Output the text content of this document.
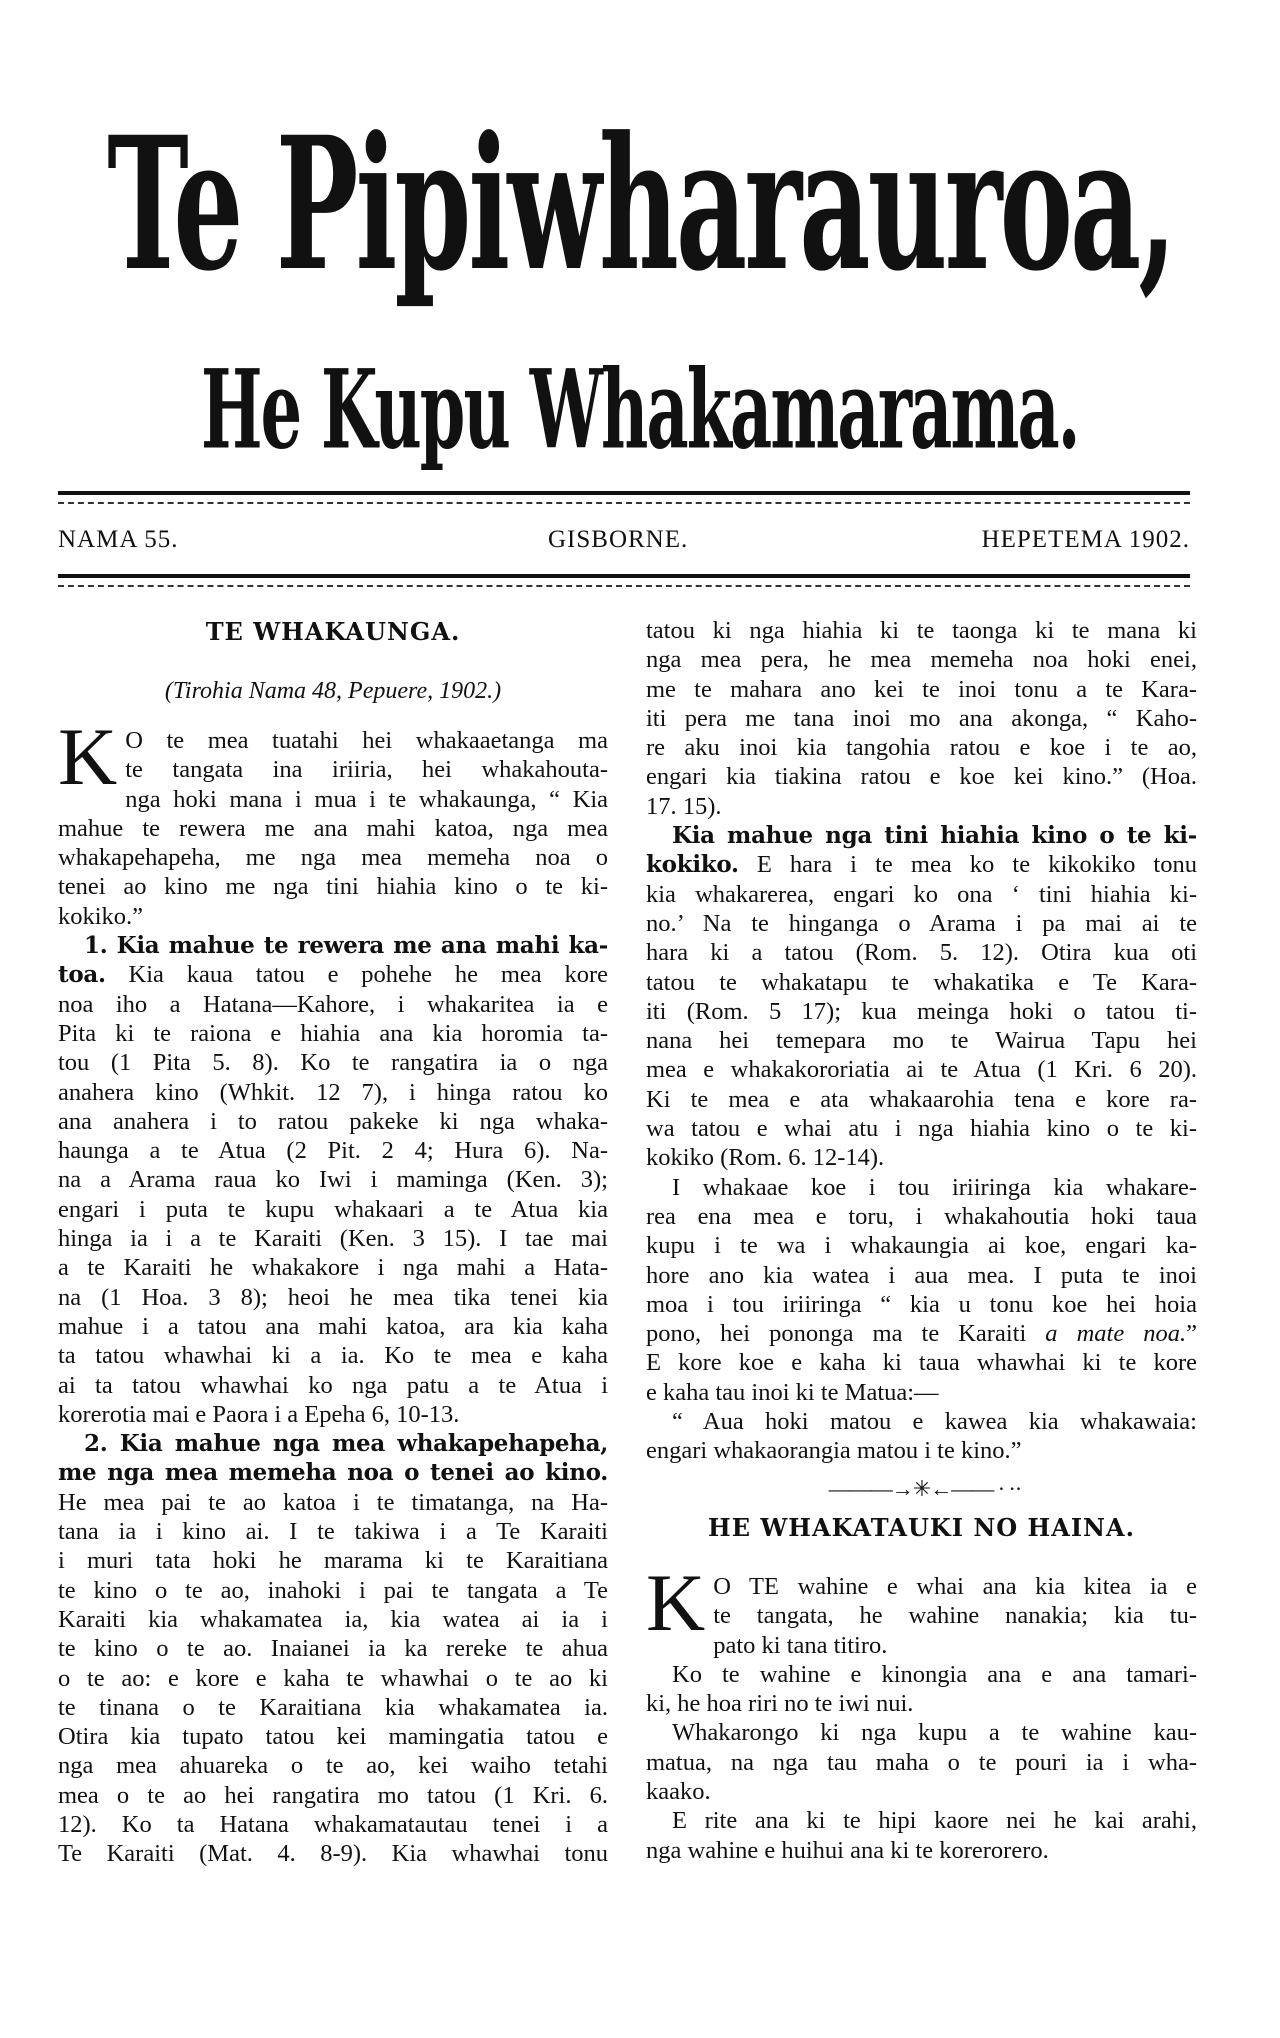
Te Pipiwharauroa,
He Kupu Whakamarama.
NAMA 55.	GISBORNE.	HEPETEMA 1902.
TE WHAKAUNGA.
(Tirohia Nama 48, Pepuere, 1902.)
K O te mea tuatahi hei whakaaetanga ma
te tangata ina iriiria, hei whakahouta-
nga hoki mana i mua i te whakaunga, “ Kia
mahue te rewera me ana mahi katoa, nga mea
whakapehapeha, me nga mea memeha noa o
tenei ao kino me nga tini hiahia kino o te ki-
kokiko.”
1. Kia mahue te rewera me ana mahi ka-
toa. Kia kaua tatou e pohehe he mea kore
noa iho a Hatana—Kahore, i whakaritea ia e
Pita ki te raiona e hiahia ana kia horomia ta-
tou (1 Pita 5. 8). Ko te rangatira ia o nga
anahera kino (Whkit. 12 7), i hinga ratou ko
ana anahera i to ratou pakeke ki nga whaka-
haunga a te Atua (2 Pit. 2 4; Hura 6). Na-
na a Arama raua ko Iwi i maminga (Ken. 3);
engari i puta te kupu whakaari a te Atua kia
hinga ia i a te Karaiti (Ken. 3 15). I tae mai
a te Karaiti he whakakore i nga mahi a Hata-
na (1 Hoa. 3 8); heoi he mea tika tenei kia
mahue i a tatou ana mahi katoa, ara kia kaha
ta tatou whawhai ki a ia. Ko te mea e kaha
ai ta tatou whawhai ko nga patu a te Atua i
korerotia mai e Paora i a Epeha 6, 10-13.
2. Kia mahue nga mea whakapehapeha,
me nga mea memeha noa o tenei ao kino.
He mea pai te ao katoa i te timatanga, na Ha-
tana ia i kino ai. I te takiwa i a Te Karaiti
i muri tata hoki he marama ki te Karaitiana
te kino o te ao, inahoki i pai te tangata a Te
Karaiti kia whakamatea ia, kia watea ai ia i
te kino o te ao. Inaianei ia ka rereke te ahua
o te ao: e kore e kaha te whawhai o te ao ki
te tinana o te Karaitiana kia whakamatea ia.
Otira kia tupato tatou kei mamingatia tatou e
nga mea ahuareka o te ao, kei waiho tetahi
mea o te ao hei rangatira mo tatou (1 Kri. 6.
12). Ko ta Hatana whakamatautau tenei i a
Te Karaiti (Mat. 4. 8-9). Kia whawhai tonu
tatou ki nga hiahia ki te taonga ki te mana ki
nga mea pera, he mea memeha noa hoki enei,
me te mahara ano kei te inoi tonu a te Kara-
iti pera me tana inoi mo ana akonga, “ Kaho-
re aku inoi kia tangohia ratou e koe i te ao,
engari kia tiakina ratou e koe kei kino.” (Hoa.
17. 15).
Kia mahue nga tini hiahia kino o te ki-
kokiko. E hara i te mea ko te kikokiko tonu
kia whakarerea, engari ko ona ‘ tini hiahia ki-
no.’ Na te hinganga o Arama i pa mai ai te
hara ki a tatou (Rom. 5. 12). Otira kua oti
tatou te whakatapu te whakatika e Te Kara-
iti (Rom. 5 17); kua meinga hoki o tatou ti-
nana hei temepara mo te Wairua Tapu hei
mea e whakakororiatia ai te Atua (1 Kri. 6 20).
Ki te mea e ata whakaarohia tena e kore ra-
wa tatou e whai atu i nga hiahia kino o te ki-
kokiko (Rom. 6. 12-14).
I whakaae koe i tou iriiringa kia whakare-
rea ena mea e toru, i whakahoutia hoki taua
kupu i te wa i whakaungia ai koe, engari ka-
hore ano kia watea i aua mea. I puta te inoi
moa i tou iriiringa “ kia u tonu koe hei hoia
pono, hei pononga ma te Karaiti a mate noa.”
E kore koe e kaha ki taua whawhai ki te kore
e kaha tau inoi ki te Matua:—
“ Aua hoki matou e kawea kia whakawaia:
engari whakaorangia matou i te kino.”
———→✳←—— · ··
HE WHAKATAUKI NO HAINA.
K O TE wahine e whai ana kia kitea ia e
te tangata, he wahine nanakia; kia tu-
pato ki tana titiro.
Ko te wahine e kinongia ana e ana tamari-
ki, he hoa riri no te iwi nui.
Whakarongo ki nga kupu a te wahine kau-
matua, na nga tau maha o te pouri ia i wha-
kaako.
E rite ana ki te hipi kaore nei he kai arahi,
nga wahine e huihui ana ki te korerorero.
